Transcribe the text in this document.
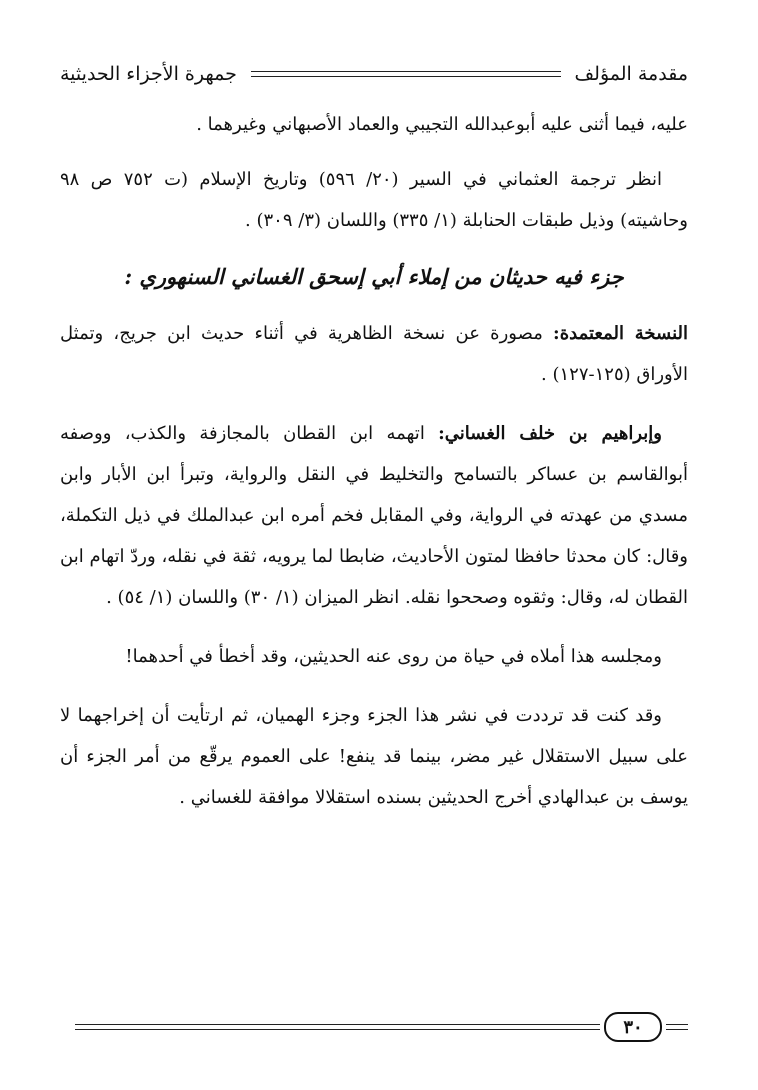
مقدمة المؤلف
جمهرة الأجزاء الحديثية

عليه، فيما أثنى عليه أبوعبدالله التجيبي والعماد الأصبهاني وغيرهما .

انظر ترجمة العثماني في السير (٢٠/ ٥٩٦) وتاريخ الإسلام (ت ٧٥٢ ص ٩٨ وحاشيته) وذيل طبقات الحنابلة (١/ ٣٣٥) واللسان (٣/ ٣٠٩) .

جزء فيه حديثان من إملاء أبي إسحق الغساني السنهوري :

النسخة المعتمدة: مصورة عن نسخة الظاهرية في أثناء حديث ابن جريج، وتمثل الأوراق (١٢٥-١٢٧) .

وإبراهيم بن خلف الغساني: اتهمه ابن القطان بالمجازفة والكذب، ووصفه أبوالقاسم بن عساكر بالتسامح والتخليط في النقل والرواية، وتبرأ ابن الأبار وابن مسدي من عهدته في الرواية، وفي المقابل فخم أمره ابن عبدالملك في ذيل التكملة، وقال: كان محدثا حافظا لمتون الأحاديث، ضابطا لما يرويه، ثقة في نقله، وردّ اتهام ابن القطان له، وقال: وثقوه وصححوا نقله. انظر الميزان (١/ ٣٠) واللسان (١/ ٥٤) .

ومجلسه هذا أملاه في حياة من روى عنه الحديثين، وقد أخطأ في أحدهما!

وقد كنت قد ترددت في نشر هذا الجزء وجزء الهميان، ثم ارتأيت أن إخراجهما لا على سبيل الاستقلال غير مضر، بينما قد ينفع! على العموم يرقّع من أمر الجزء أن يوسف بن عبدالهادي أخرج الحديثين بسنده استقلالا موافقة للغساني .

٣٠
